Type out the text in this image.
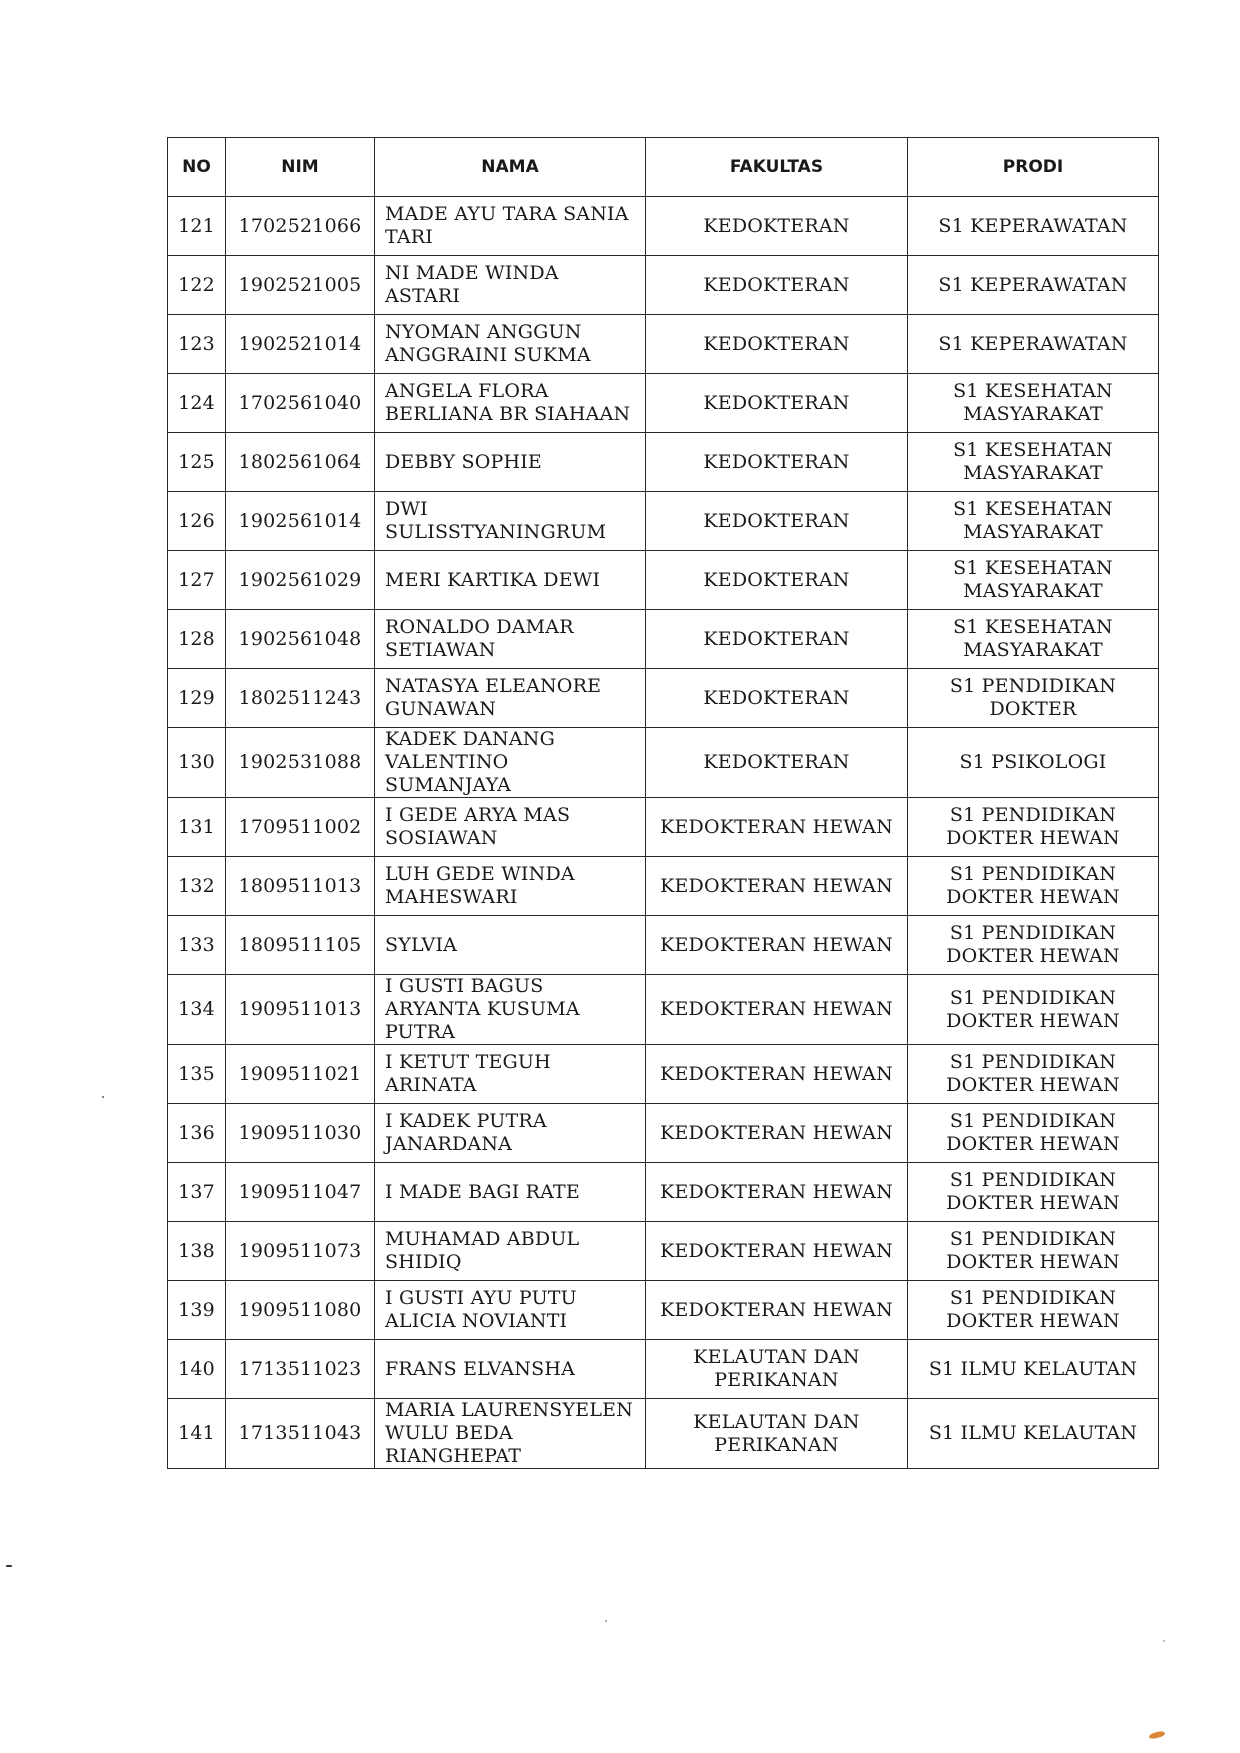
NO	NIM	NAMA	FAKULTAS	PRODI
121	1702521066	MADE AYU TARA SANIA TARI	KEDOKTERAN	S1 KEPERAWATAN
122	1902521005	NI MADE WINDA ASTARI	KEDOKTERAN	S1 KEPERAWATAN
123	1902521014	NYOMAN ANGGUN ANGGRAINI SUKMA	KEDOKTERAN	S1 KEPERAWATAN
124	1702561040	ANGELA FLORA BERLIANA BR SIAHAAN	KEDOKTERAN	S1 KESEHATAN MASYARAKAT
125	1802561064	DEBBY SOPHIE	KEDOKTERAN	S1 KESEHATAN MASYARAKAT
126	1902561014	DWI SULISSTYANINGRUM	KEDOKTERAN	S1 KESEHATAN MASYARAKAT
127	1902561029	MERI KARTIKA DEWI	KEDOKTERAN	S1 KESEHATAN MASYARAKAT
128	1902561048	RONALDO DAMAR SETIAWAN	KEDOKTERAN	S1 KESEHATAN MASYARAKAT
129	1802511243	NATASYA ELEANORE GUNAWAN	KEDOKTERAN	S1 PENDIDIKAN DOKTER
130	1902531088	KADEK DANANG VALENTINO SUMANJAYA	KEDOKTERAN	S1 PSIKOLOGI
131	1709511002	I GEDE ARYA MAS SOSIAWAN	KEDOKTERAN HEWAN	S1 PENDIDIKAN DOKTER HEWAN
132	1809511013	LUH GEDE WINDA MAHESWARI	KEDOKTERAN HEWAN	S1 PENDIDIKAN DOKTER HEWAN
133	1809511105	SYLVIA	KEDOKTERAN HEWAN	S1 PENDIDIKAN DOKTER HEWAN
134	1909511013	I GUSTI BAGUS ARYANTA KUSUMA PUTRA	KEDOKTERAN HEWAN	S1 PENDIDIKAN DOKTER HEWAN
135	1909511021	I KETUT TEGUH ARINATA	KEDOKTERAN HEWAN	S1 PENDIDIKAN DOKTER HEWAN
136	1909511030	I KADEK PUTRA JANARDANA	KEDOKTERAN HEWAN	S1 PENDIDIKAN DOKTER HEWAN
137	1909511047	I MADE BAGI RATE	KEDOKTERAN HEWAN	S1 PENDIDIKAN DOKTER HEWAN
138	1909511073	MUHAMAD ABDUL SHIDIQ	KEDOKTERAN HEWAN	S1 PENDIDIKAN DOKTER HEWAN
139	1909511080	I GUSTI AYU PUTU ALICIA NOVIANTI	KEDOKTERAN HEWAN	S1 PENDIDIKAN DOKTER HEWAN
140	1713511023	FRANS ELVANSHA	KELAUTAN DAN PERIKANAN	S1 ILMU KELAUTAN
141	1713511043	MARIA LAURENSYELEN WULU BEDA RIANGHEPAT	KELAUTAN DAN PERIKANAN	S1 ILMU KELAUTAN
